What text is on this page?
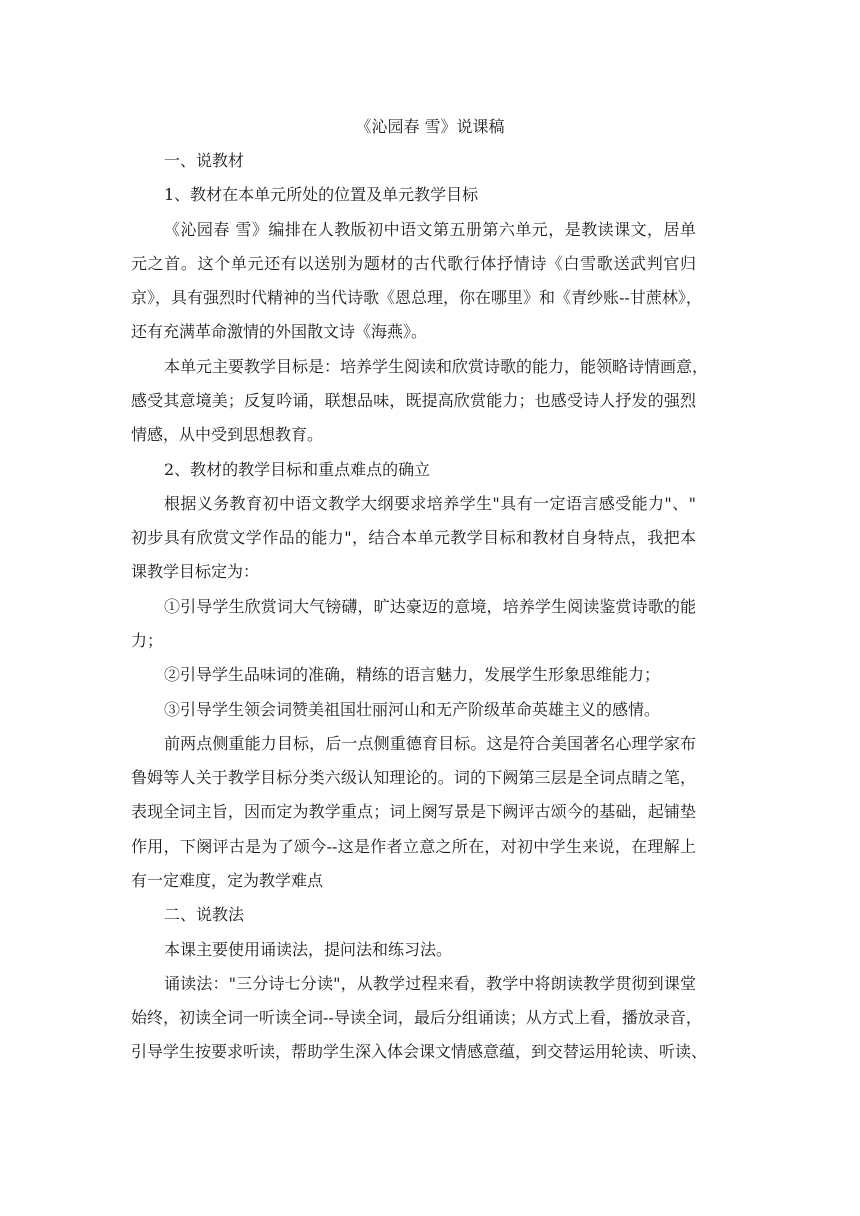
《沁园春 雪》说课稿
一、说教材
1、教材在本单元所处的位置及单元教学目标
《沁园春 雪》编排在人教版初中语文第五册第六单元，是教读课文，居单
元之首。这个单元还有以送别为题材的古代歌行体抒情诗《白雪歌送武判官归
京》，具有强烈时代精神的当代诗歌《恩总理，你在哪里》和《青纱账--甘蔗林》，
还有充满革命激情的外国散文诗《海燕》。
本单元主要教学目标是：培养学生阅读和欣赏诗歌的能力，能领略诗情画意，
感受其意境美；反复吟诵，联想品味，既提高欣赏能力；也感受诗人抒发的强烈
情感，从中受到思想教育。
2、教材的教学目标和重点难点的确立
根据义务教育初中语文教学大纲要求培养学生"具有一定语言感受能力"、"
初步具有欣赏文学作品的能力"，结合本单元教学目标和教材自身特点，我把本
课教学目标定为：
①引导学生欣赏词大气镑礴，旷达豪迈的意境，培养学生阅读鉴赏诗歌的能
力；
②引导学生品味词的准确，精练的语言魅力，发展学生形象思维能力；
③引导学生领会词赞美祖国壮丽河山和无产阶级革命英雄主义的感情。
前两点侧重能力目标，后一点侧重德育目标。这是符合美国著名心理学家布
鲁姆等人关于教学目标分类六级认知理论的。词的下阙第三层是全词点睛之笔，
表现全词主旨，因而定为教学重点；词上阕写景是下阙评古颂今的基础，起铺垫
作用，下阕评古是为了颂今--这是作者立意之所在，对初中学生来说，在理解上
有一定难度，定为教学难点
二、说教法
本课主要使用诵读法，提问法和练习法。
诵读法："三分诗七分读"，从教学过程来看，教学中将朗读教学贯彻到课堂
始终，初读全词一听读全词--导读全词，最后分组诵读；从方式上看，播放录音，
引导学生按要求听读，帮助学生深入体会课文情感意蕴，到交替运用轮读、听读、
